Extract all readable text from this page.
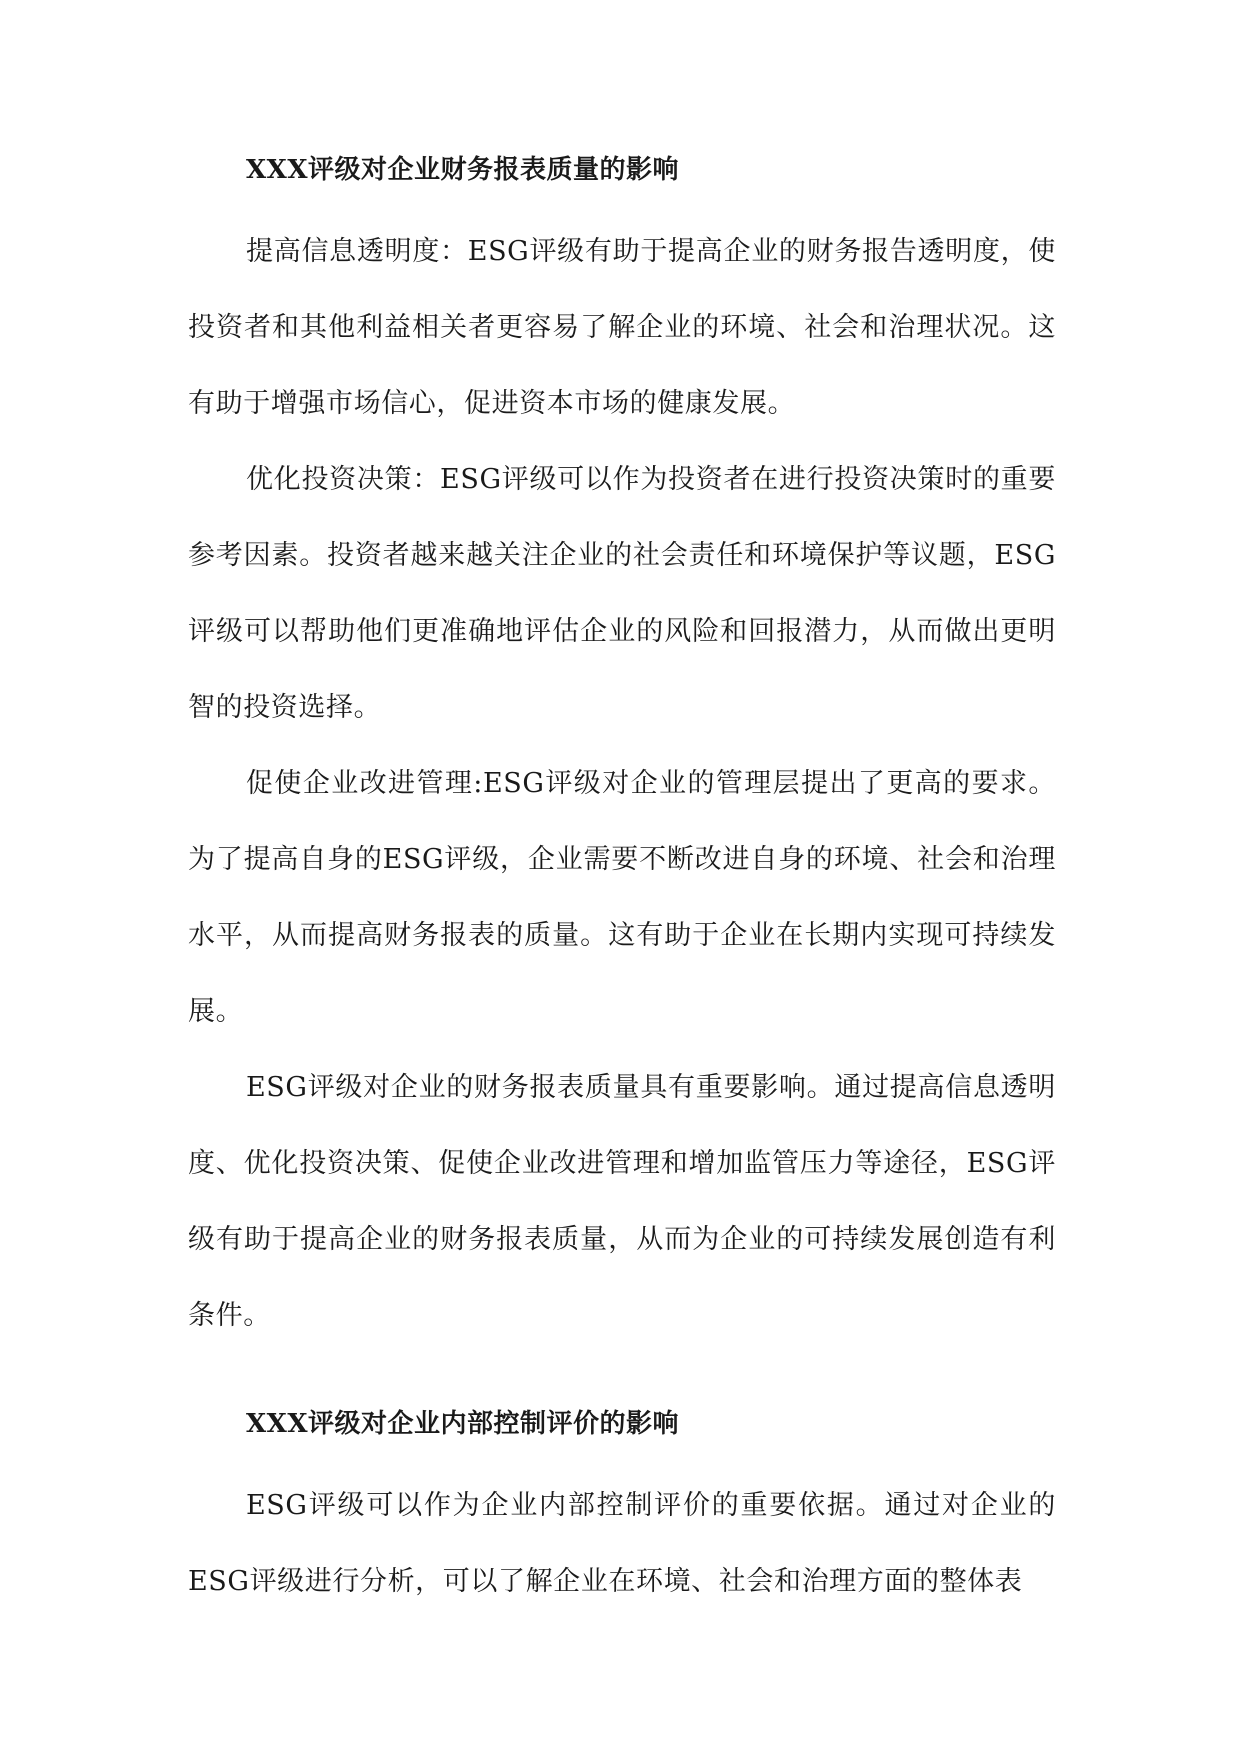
XXX评级对企业财务报表质量的影响

提高信息透明度：ESG评级有助于提高企业的财务报告透明度，使投资者和其他利益相关者更容易了解企业的环境、社会和治理状况。这有助于增强市场信心，促进资本市场的健康发展。

优化投资决策：ESG评级可以作为投资者在进行投资决策时的重要参考因素。投资者越来越关注企业的社会责任和环境保护等议题，ESG评级可以帮助他们更准确地评估企业的风险和回报潜力，从而做出更明智的投资选择。

促使企业改进管理:ESG评级对企业的管理层提出了更高的要求。为了提高自身的ESG评级，企业需要不断改进自身的环境、社会和治理水平，从而提高财务报表的质量。这有助于企业在长期内实现可持续发展。

ESG评级对企业的财务报表质量具有重要影响。通过提高信息透明度、优化投资决策、促使企业改进管理和增加监管压力等途径，ESG评级有助于提高企业的财务报表质量，从而为企业的可持续发展创造有利条件。

XXX评级对企业内部控制评价的影响

ESG评级可以作为企业内部控制评价的重要依据。通过对企业的ESG评级进行分析，可以了解企业在环境、社会和治理方面的整体表
